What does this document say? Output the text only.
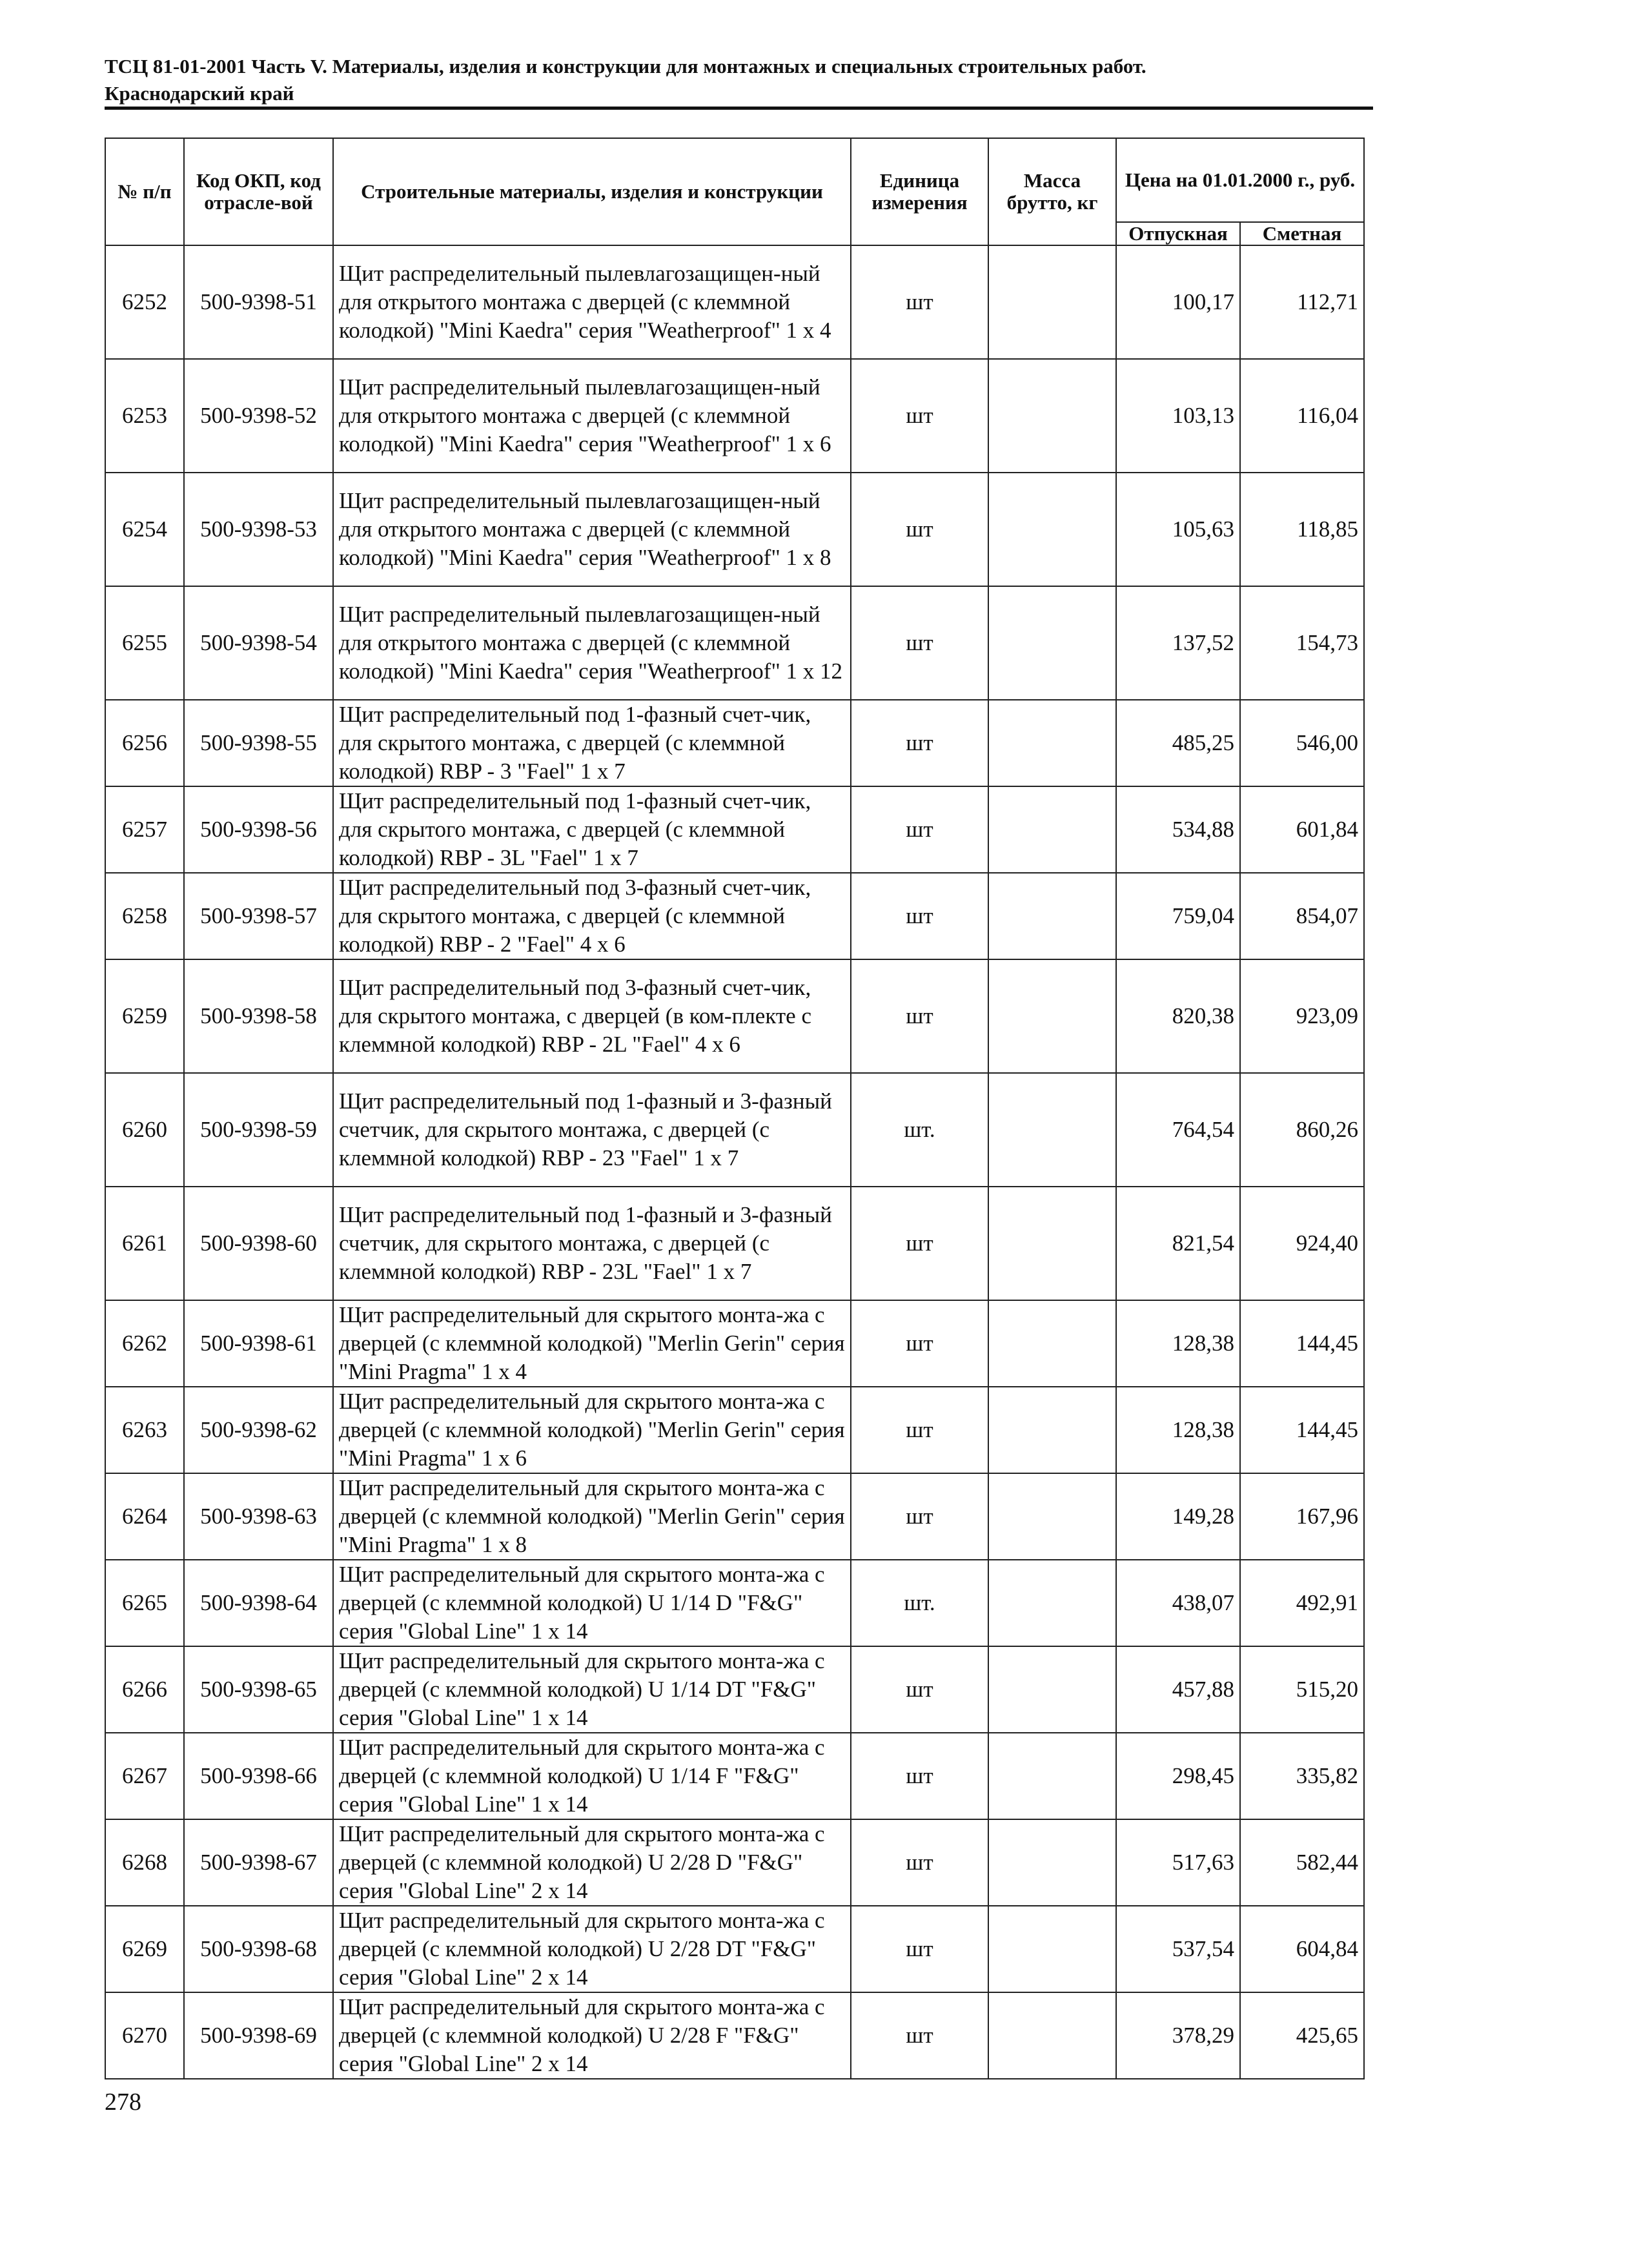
ТСЦ 81-01-2001 Часть V. Материалы, изделия и конструкции для монтажных и специальных строительных работ.
Краснодарский край
№ п/п	Код ОКП, код отрасле-вой	Строительные материалы, изделия и конструкции	Единица измерения	Масса брутто, кг	Цена на 01.01.2000 г., руб.	
					Отпускная	Сметная
6252	500-9398-51	Щит распределительный пылевлагозащищен-ный для открытого монтажа с дверцей (с клеммной колодкой) "Mini Kaedra" серия "Weatherproof" 1 х 4	шт		100,17	112,71
6253	500-9398-52	Щит распределительный пылевлагозащищен-ный для открытого монтажа с дверцей (с клеммной колодкой) "Mini Kaedra" серия "Weatherproof" 1 х 6	шт		103,13	116,04
6254	500-9398-53	Щит распределительный пылевлагозащищен-ный для открытого монтажа с дверцей (с клеммной колодкой) "Mini Kaedra" серия "Weatherproof" 1 х 8	шт		105,63	118,85
6255	500-9398-54	Щит распределительный пылевлагозащищен-ный для открытого монтажа с дверцей (с клеммной колодкой) "Mini Kaedra" серия "Weatherproof" 1 х 12	шт		137,52	154,73
6256	500-9398-55	Щит распределительный под 1-фазный счет-чик, для скрытого монтажа, с дверцей (с клеммной колодкой) RBP - 3 "Fael" 1 х 7	шт		485,25	546,00
6257	500-9398-56	Щит распределительный под 1-фазный счет-чик, для скрытого монтажа, с дверцей (с клеммной колодкой) RBP - 3L "Fael" 1 х 7	шт		534,88	601,84
6258	500-9398-57	Щит распределительный под 3-фазный счет-чик, для скрытого монтажа, с дверцей (с клеммной колодкой) RBP - 2 "Fael" 4 х 6	шт		759,04	854,07
6259	500-9398-58	Щит распределительный под 3-фазный счет-чик, для скрытого монтажа, с дверцей (в ком-плекте с клеммной колодкой) RBP - 2L "Fael" 4 х 6	шт		820,38	923,09
6260	500-9398-59	Щит распределительный под 1-фазный и 3-фазный счетчик, для скрытого монтажа, с дверцей (с клеммной колодкой) RBP - 23 "Fael" 1 х 7	шт.		764,54	860,26
6261	500-9398-60	Щит распределительный под 1-фазный и 3-фазный счетчик, для скрытого монтажа, с дверцей (с клеммной колодкой) RBP - 23L "Fael" 1 х 7	шт		821,54	924,40
6262	500-9398-61	Щит распределительный для скрытого монта-жа с дверцей (с клеммной колодкой) "Merlin Gerin" серия "Mini Pragma" 1 х 4	шт		128,38	144,45
6263	500-9398-62	Щит распределительный для скрытого монта-жа с дверцей (с клеммной колодкой) "Merlin Gerin" серия "Mini Pragma" 1 х 6	шт		128,38	144,45
6264	500-9398-63	Щит распределительный для скрытого монта-жа с дверцей (с клеммной колодкой) "Merlin Gerin" серия "Mini Pragma" 1 х 8	шт		149,28	167,96
6265	500-9398-64	Щит распределительный для скрытого монта-жа с дверцей (с клеммной колодкой) U 1/14 D "F&G" серия "Global Line" 1 х 14	шт.		438,07	492,91
6266	500-9398-65	Щит распределительный для скрытого монта-жа с дверцей (с клеммной колодкой) U 1/14 DT "F&G" серия "Global Line" 1 х 14	шт		457,88	515,20
6267	500-9398-66	Щит распределительный для скрытого монта-жа с дверцей (с клеммной колодкой) U 1/14 F "F&G" серия "Global Line" 1 х 14	шт		298,45	335,82
6268	500-9398-67	Щит распределительный для скрытого монта-жа с дверцей (с клеммной колодкой) U 2/28 D "F&G" серия "Global Line" 2 х 14	шт		517,63	582,44
6269	500-9398-68	Щит распределительный для скрытого монта-жа с дверцей (с клеммной колодкой) U 2/28 DT "F&G" серия "Global Line" 2 х 14	шт		537,54	604,84
6270	500-9398-69	Щит распределительный для скрытого монта-жа с дверцей (с клеммной колодкой) U 2/28 F "F&G" серия "Global Line" 2 х 14	шт		378,29	425,65
278
